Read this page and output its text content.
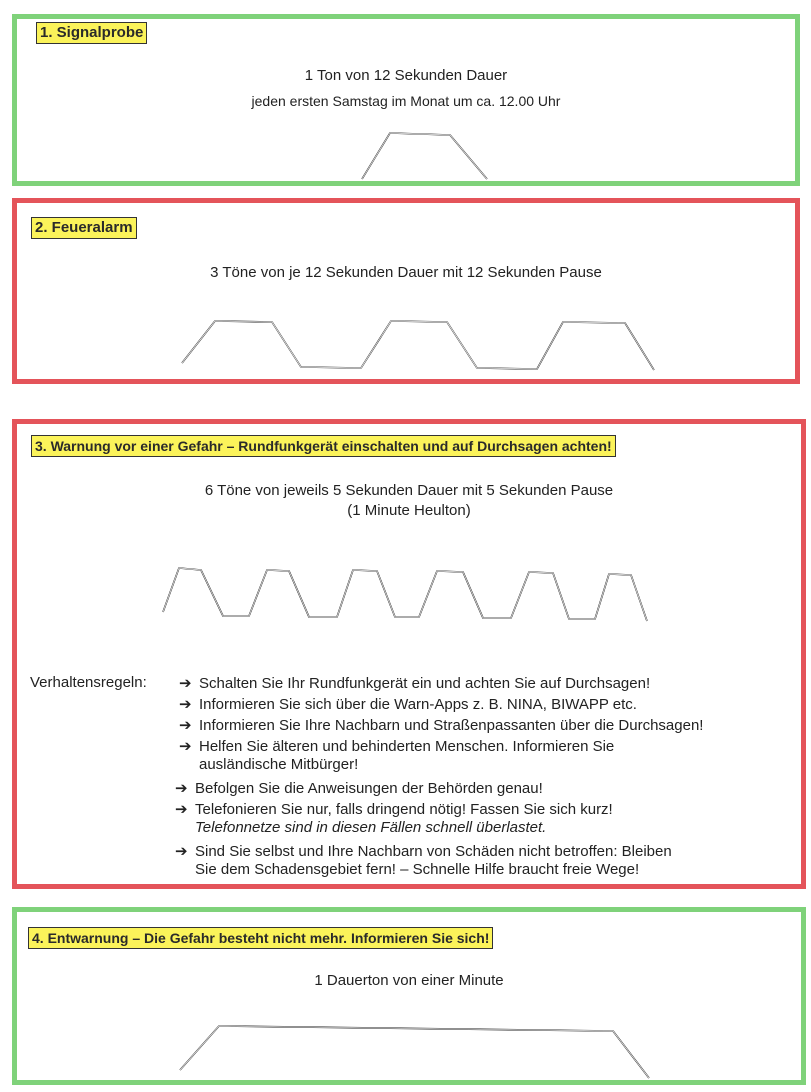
1. Signalprobe
1 Ton von 12 Sekunden Dauer
jeden ersten Samstag im Monat um ca. 12.00 Uhr
2. Feueralarm
3 Töne von je 12 Sekunden Dauer mit 12 Sekunden Pause
3. Warnung vor einer Gefahr – Rundfunkgerät einschalten und auf Durchsagen achten!
6 Töne von jeweils 5 Sekunden Dauer mit 5 Sekunden Pause
(1 Minute Heulton)
Verhaltensregeln: ➔ Schalten Sie Ihr Rundfunkgerät ein und achten Sie auf Durchsagen!
➔ Informieren Sie sich über die Warn-Apps z. B. NINA, BIWAPP etc.
➔ Informieren Sie Ihre Nachbarn und Straßenpassanten über die Durchsagen!
➔ Helfen Sie älteren und behinderten Menschen. Informieren Sie
ausländische Mitbürger!
➔ Befolgen Sie die Anweisungen der Behörden genau!
➔ Telefonieren Sie nur, falls dringend nötig! Fassen Sie sich kurz!
Telefonnetze sind in diesen Fällen schnell überlastet.
➔ Sind Sie selbst und Ihre Nachbarn von Schäden nicht betroffen: Bleiben
Sie dem Schadensgebiet fern! – Schnelle Hilfe braucht freie Wege!
4. Entwarnung – Die Gefahr besteht nicht mehr. Informieren Sie sich!
1 Dauerton von einer Minute
